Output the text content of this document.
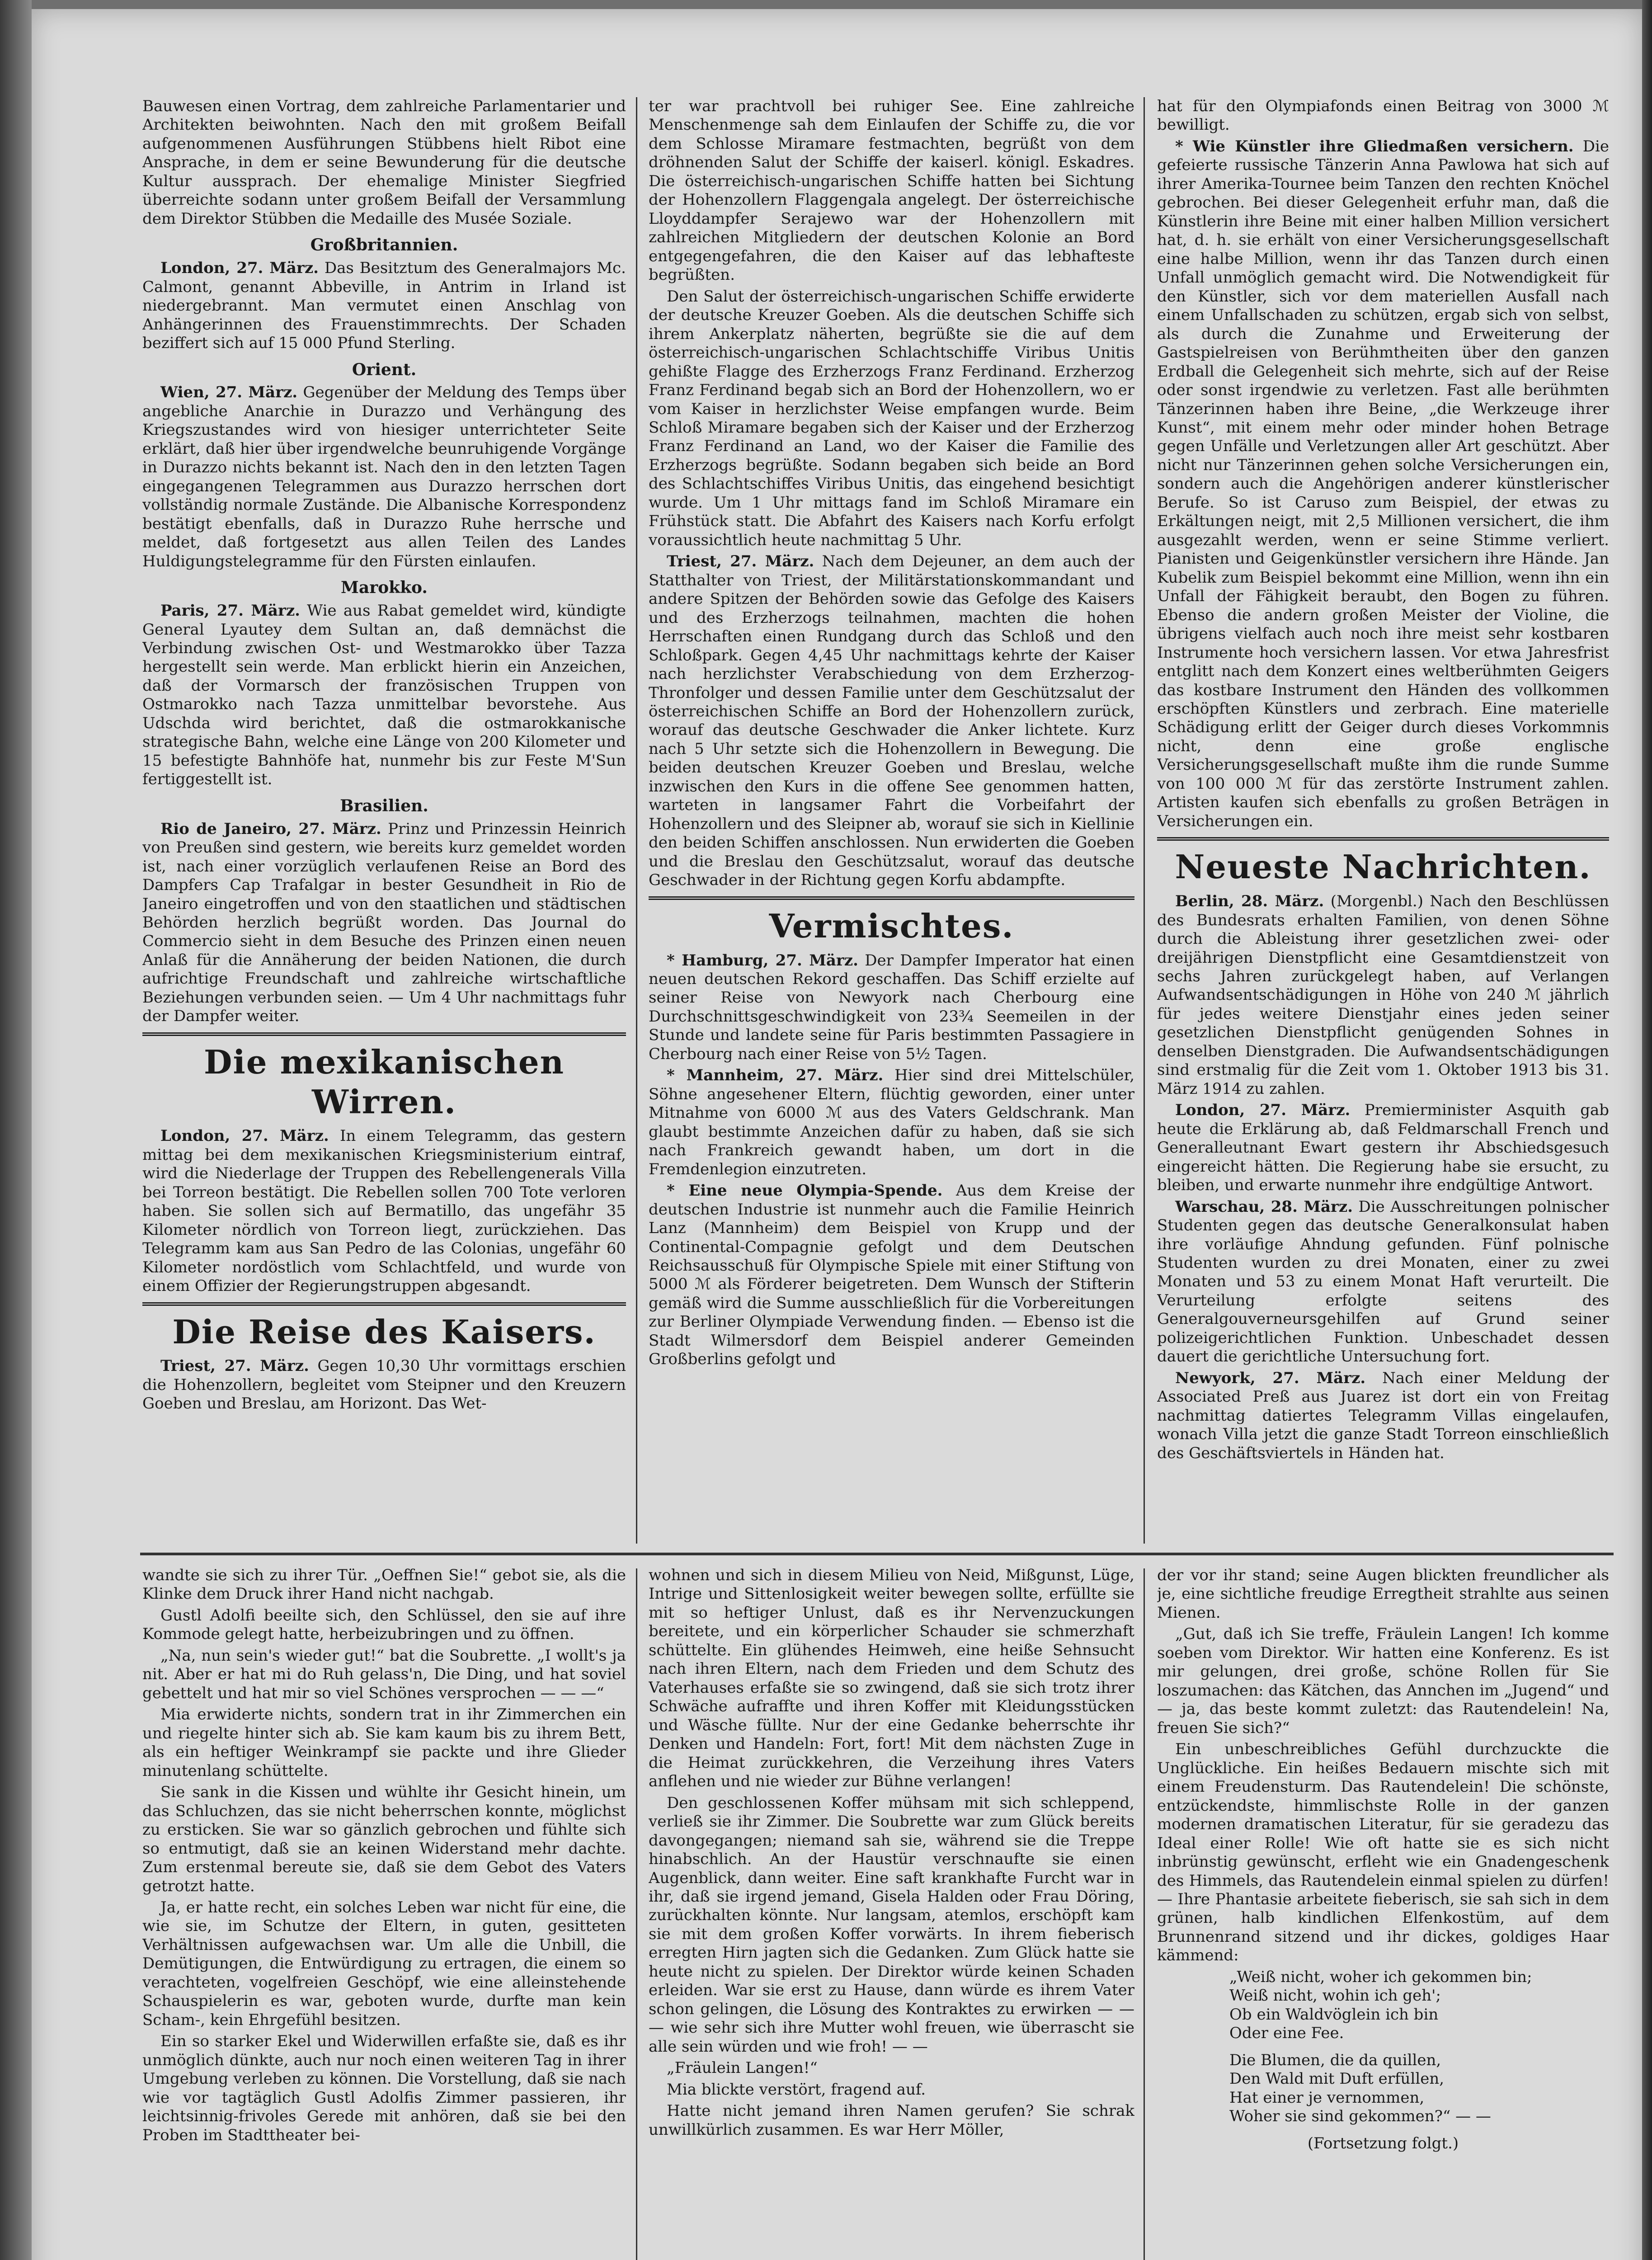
Bauwesen einen Vortrag, dem zahlreiche Parlamentarier und Architekten beiwohnten. Nach den mit großem Beifall aufgenommenen Ausführungen Stübbens hielt Ribot eine Ansprache, in dem er seine Bewunderung für die deutsche Kultur aussprach. Der ehemalige Minister Siegfried überreichte sodann unter großem Beifall der Versammlung dem Direktor Stübben die Medaille des Musée Soziale.

Großbritannien.

London, 27. März. Das Besitztum des Generalmajors Mc. Calmont, genannt Abbeville, in Antrim in Irland ist niedergebrannt. Man vermutet einen Anschlag von Anhängerinnen des Frauenstimmrechts. Der Schaden beziffert sich auf 15 000 Pfund Sterling.

Orient.

Wien, 27. März. Gegenüber der Meldung des Temps über angebliche Anarchie in Durazzo und Verhängung des Kriegszustandes wird von hiesiger unterrichteter Seite erklärt, daß hier über irgendwelche beunruhigende Vorgänge in Durazzo nichts bekannt ist. Nach den in den letzten Tagen eingegangenen Telegrammen aus Durazzo herrschen dort vollständig normale Zustände. Die Albanische Korrespondenz bestätigt ebenfalls, daß in Durazzo Ruhe herrsche und meldet, daß fortgesetzt aus allen Teilen des Landes Huldigungstelegramme für den Fürsten einlaufen.

Marokko.

Paris, 27. März. Wie aus Rabat gemeldet wird, kündigte General Lyautey dem Sultan an, daß demnächst die Verbindung zwischen Ost- und Westmarokko über Tazza hergestellt sein werde. Man erblickt hierin ein Anzeichen, daß der Vormarsch der französischen Truppen von Ostmarokko nach Tazza unmittelbar bevorstehe. Aus Udschda wird berichtet, daß die ostmarokkanische strategische Bahn, welche eine Länge von 200 Kilometer und 15 befestigte Bahnhöfe hat, nunmehr bis zur Feste M'Sun fertiggestellt ist.

Brasilien.

Rio de Janeiro, 27. März. Prinz und Prinzessin Heinrich von Preußen sind gestern, wie bereits kurz gemeldet worden ist, nach einer vorzüglich verlaufenen Reise an Bord des Dampfers Cap Trafalgar in bester Gesundheit in Rio de Janeiro eingetroffen und von den staatlichen und städtischen Behörden herzlich begrüßt worden. Das Journal do Commercio sieht in dem Besuche des Prinzen einen neuen Anlaß für die Annäherung der beiden Nationen, die durch aufrichtige Freundschaft und zahlreiche wirtschaftliche Beziehungen verbunden seien. — Um 4 Uhr nachmittags fuhr der Dampfer weiter.

Die mexikanischen Wirren.

London, 27. März. In einem Telegramm, das gestern mittag bei dem mexikanischen Kriegsministerium eintraf, wird die Niederlage der Truppen des Rebellengenerals Villa bei Torreon bestätigt. Die Rebellen sollen 700 Tote verloren haben. Sie sollen sich auf Bermatillo, das ungefähr 35 Kilometer nördlich von Torreon liegt, zurückziehen. Das Telegramm kam aus San Pedro de las Colonias, ungefähr 60 Kilometer nordöstlich vom Schlachtfeld, und wurde von einem Offizier der Regierungstruppen abgesandt.

Die Reise des Kaisers.

Triest, 27. März. Gegen 10,30 Uhr vormittags erschien die Hohenzollern, begleitet vom Steipner und den Kreuzern Goeben und Breslau, am Horizont. Das Wet-

ter war prachtvoll bei ruhiger See. Eine zahlreiche Menschenmenge sah dem Einlaufen der Schiffe zu, die vor dem Schlosse Miramare festmachten, begrüßt von dem dröhnenden Salut der Schiffe der kaiserl. königl. Eskadres. Die österreichisch-ungarischen Schiffe hatten bei Sichtung der Hohenzollern Flaggengala angelegt. Der österreichische Lloyddampfer Serajewo war der Hohenzollern mit zahlreichen Mitgliedern der deutschen Kolonie an Bord entgegengefahren, die den Kaiser auf das lebhafteste begrüßten.

Den Salut der österreichisch-ungarischen Schiffe erwiderte der deutsche Kreuzer Goeben. Als die deutschen Schiffe sich ihrem Ankerplatz näherten, begrüßte sie die auf dem österreichisch-ungarischen Schlachtschiffe Viribus Unitis gehißte Flagge des Erzherzogs Franz Ferdinand. Erzherzog Franz Ferdinand begab sich an Bord der Hohenzollern, wo er vom Kaiser in herzlichster Weise empfangen wurde. Beim Schloß Miramare begaben sich der Kaiser und der Erzherzog Franz Ferdinand an Land, wo der Kaiser die Familie des Erzherzogs begrüßte. Sodann begaben sich beide an Bord des Schlachtschiffes Viribus Unitis, das eingehend besichtigt wurde. Um 1 Uhr mittags fand im Schloß Miramare ein Frühstück statt. Die Abfahrt des Kaisers nach Korfu erfolgt voraussichtlich heute nachmittag 5 Uhr.

Triest, 27. März. Nach dem Dejeuner, an dem auch der Statthalter von Triest, der Militärstationskommandant und andere Spitzen der Behörden sowie das Gefolge des Kaisers und des Erzherzogs teilnahmen, machten die hohen Herrschaften einen Rundgang durch das Schloß und den Schloßpark. Gegen 4,45 Uhr nachmittags kehrte der Kaiser nach herzlichster Verabschiedung von dem Erzherzog-Thronfolger und dessen Familie unter dem Geschützsalut der österreichischen Schiffe an Bord der Hohenzollern zurück, worauf das deutsche Geschwader die Anker lichtete. Kurz nach 5 Uhr setzte sich die Hohenzollern in Bewegung. Die beiden deutschen Kreuzer Goeben und Breslau, welche inzwischen den Kurs in die offene See genommen hatten, warteten in langsamer Fahrt die Vorbeifahrt der Hohenzollern und des Sleipner ab, worauf sie sich in Kiellinie den beiden Schiffen anschlossen. Nun erwiderten die Goeben und die Breslau den Geschützsalut, worauf das deutsche Geschwader in der Richtung gegen Korfu abdampfte.

Vermischtes.

* Hamburg, 27. März. Der Dampfer Imperator hat einen neuen deutschen Rekord geschaffen. Das Schiff erzielte auf seiner Reise von Newyork nach Cherbourg eine Durchschnittsgeschwindigkeit von 23¾ Seemeilen in der Stunde und landete seine für Paris bestimmten Passagiere in Cherbourg nach einer Reise von 5½ Tagen.

* Mannheim, 27. März. Hier sind drei Mittelschüler, Söhne angesehener Eltern, flüchtig geworden, einer unter Mitnahme von 6000 ℳ aus des Vaters Geldschrank. Man glaubt bestimmte Anzeichen dafür zu haben, daß sie sich nach Frankreich gewandt haben, um dort in die Fremdenlegion einzutreten.

* Eine neue Olympia-Spende. Aus dem Kreise der deutschen Industrie ist nunmehr auch die Familie Heinrich Lanz (Mannheim) dem Beispiel von Krupp und der Continental-Compagnie gefolgt und dem Deutschen Reichsausschuß für Olympische Spiele mit einer Stiftung von 5000 ℳ als Förderer beigetreten. Dem Wunsch der Stifterin gemäß wird die Summe ausschließlich für die Vorbereitungen zur Berliner Olympiade Verwendung finden. — Ebenso ist die Stadt Wilmersdorf dem Beispiel anderer Gemeinden Großberlins gefolgt und

hat für den Olympiafonds einen Beitrag von 3000 ℳ bewilligt.

* Wie Künstler ihre Gliedmaßen versichern. Die gefeierte russische Tänzerin Anna Pawlowa hat sich auf ihrer Amerika-Tournee beim Tanzen den rechten Knöchel gebrochen. Bei dieser Gelegenheit erfuhr man, daß die Künstlerin ihre Beine mit einer halben Million versichert hat, d. h. sie erhält von einer Versicherungsgesellschaft eine halbe Million, wenn ihr das Tanzen durch einen Unfall unmöglich gemacht wird. Die Notwendigkeit für den Künstler, sich vor dem materiellen Ausfall nach einem Unfallschaden zu schützen, ergab sich von selbst, als durch die Zunahme und Erweiterung der Gastspielreisen von Berühmtheiten über den ganzen Erdball die Gelegenheit sich mehrte, sich auf der Reise oder sonst irgendwie zu verletzen. Fast alle berühmten Tänzerinnen haben ihre Beine, „die Werkzeuge ihrer Kunst“, mit einem mehr oder minder hohen Betrage gegen Unfälle und Verletzungen aller Art geschützt. Aber nicht nur Tänzerinnen gehen solche Versicherungen ein, sondern auch die Angehörigen anderer künstlerischer Berufe. So ist Caruso zum Beispiel, der etwas zu Erkältungen neigt, mit 2,5 Millionen versichert, die ihm ausgezahlt werden, wenn er seine Stimme verliert. Pianisten und Geigenkünstler versichern ihre Hände. Jan Kubelik zum Beispiel bekommt eine Million, wenn ihn ein Unfall der Fähigkeit beraubt, den Bogen zu führen. Ebenso die andern großen Meister der Violine, die übrigens vielfach auch noch ihre meist sehr kostbaren Instrumente hoch versichern lassen. Vor etwa Jahresfrist entglitt nach dem Konzert eines weltberühmten Geigers das kostbare Instrument den Händen des vollkommen erschöpften Künstlers und zerbrach. Eine materielle Schädigung erlitt der Geiger durch dieses Vorkommnis nicht, denn eine große englische Versicherungsgesellschaft mußte ihm die runde Summe von 100 000 ℳ für das zerstörte Instrument zahlen. Artisten kaufen sich ebenfalls zu großen Beträgen in Versicherungen ein.

Neueste Nachrichten.

Berlin, 28. März. (Morgenbl.) Nach den Beschlüssen des Bundesrats erhalten Familien, von denen Söhne durch die Ableistung ihrer gesetzlichen zwei- oder dreijährigen Dienstpflicht eine Gesamtdienstzeit von sechs Jahren zurückgelegt haben, auf Verlangen Aufwandsentschädigungen in Höhe von 240 ℳ jährlich für jedes weitere Dienstjahr eines jeden seiner gesetzlichen Dienstpflicht genügenden Sohnes in denselben Dienstgraden. Die Aufwandsentschädigungen sind erstmalig für die Zeit vom 1. Oktober 1913 bis 31. März 1914 zu zahlen.

London, 27. März. Premierminister Asquith gab heute die Erklärung ab, daß Feldmarschall French und Generalleutnant Ewart gestern ihr Abschiedsgesuch eingereicht hätten. Die Regierung habe sie ersucht, zu bleiben, und erwarte nunmehr ihre endgültige Antwort.

Warschau, 28. März. Die Ausschreitungen polnischer Studenten gegen das deutsche Generalkonsulat haben ihre vorläufige Ahndung gefunden. Fünf polnische Studenten wurden zu drei Monaten, einer zu zwei Monaten und 53 zu einem Monat Haft verurteilt. Die Verurteilung erfolgte seitens des Generalgouverneursgehilfen auf Grund seiner polizeigerichtlichen Funktion. Unbeschadet dessen dauert die gerichtliche Untersuchung fort.

Newyork, 27. März. Nach einer Meldung der Associated Preß aus Juarez ist dort ein von Freitag nachmittag datiertes Telegramm Villas eingelaufen, wonach Villa jetzt die ganze Stadt Torreon einschließlich des Geschäftsviertels in Händen hat.

wandte sie sich zu ihrer Tür. „Oeffnen Sie!“ gebot sie, als die Klinke dem Druck ihrer Hand nicht nachgab.

Gustl Adolfi beeilte sich, den Schlüssel, den sie auf ihre Kommode gelegt hatte, herbeizubringen und zu öffnen.

„Na, nun sein's wieder gut!“ bat die Soubrette. „I wollt's ja nit. Aber er hat mi do Ruh gelass'n, Die Ding, und hat soviel gebettelt und hat mir so viel Schönes versprochen — — —“

Mia erwiderte nichts, sondern trat in ihr Zimmerchen ein und riegelte hinter sich ab. Sie kam kaum bis zu ihrem Bett, als ein heftiger Weinkrampf sie packte und ihre Glieder minutenlang schüttelte.

Sie sank in die Kissen und wühlte ihr Gesicht hinein, um das Schluchzen, das sie nicht beherrschen konnte, möglichst zu ersticken. Sie war so gänzlich gebrochen und fühlte sich so entmutigt, daß sie an keinen Widerstand mehr dachte. Zum erstenmal bereute sie, daß sie dem Gebot des Vaters getrotzt hatte.

Ja, er hatte recht, ein solches Leben war nicht für eine, die wie sie, im Schutze der Eltern, in guten, gesitteten Verhältnissen aufgewachsen war. Um alle die Unbill, die Demütigungen, die Entwürdigung zu ertragen, die einem so verachteten, vogelfreien Geschöpf, wie eine alleinstehende Schauspielerin es war, geboten wurde, durfte man kein Scham-, kein Ehrgefühl besitzen.

Ein so starker Ekel und Widerwillen erfaßte sie, daß es ihr unmöglich dünkte, auch nur noch einen weiteren Tag in ihrer Umgebung verleben zu können. Die Vorstellung, daß sie nach wie vor tagtäglich Gustl Adolfis Zimmer passieren, ihr leichtsinnig-frivoles Gerede mit anhören, daß sie bei den Proben im Stadttheater bei-

wohnen und sich in diesem Milieu von Neid, Mißgunst, Lüge, Intrige und Sittenlosigkeit weiter bewegen sollte, erfüllte sie mit so heftiger Unlust, daß es ihr Nervenzuckungen bereitete, und ein körperlicher Schauder sie schmerzhaft schüttelte. Ein glühendes Heimweh, eine heiße Sehnsucht nach ihren Eltern, nach dem Frieden und dem Schutz des Vaterhauses erfaßte sie so zwingend, daß sie sich trotz ihrer Schwäche aufraffte und ihren Koffer mit Kleidungsstücken und Wäsche füllte. Nur der eine Gedanke beherrschte ihr Denken und Handeln: Fort, fort! Mit dem nächsten Zuge in die Heimat zurückkehren, die Verzeihung ihres Vaters anflehen und nie wieder zur Bühne verlangen!

Den geschlossenen Koffer mühsam mit sich schleppend, verließ sie ihr Zimmer. Die Soubrette war zum Glück bereits davongegangen; niemand sah sie, während sie die Treppe hinabschlich. An der Haustür verschnaufte sie einen Augenblick, dann weiter. Eine saft krankhafte Furcht war in ihr, daß sie irgend jemand, Gisela Halden oder Frau Döring, zurückhalten könnte. Nur langsam, atemlos, erschöpft kam sie mit dem großen Koffer vorwärts. In ihrem fieberisch erregten Hirn jagten sich die Gedanken. Zum Glück hatte sie heute nicht zu spielen. Der Direktor würde keinen Schaden erleiden. War sie erst zu Hause, dann würde es ihrem Vater schon gelingen, die Lösung des Kontraktes zu erwirken — — — wie sehr sich ihre Mutter wohl freuen, wie überrascht sie alle sein würden und wie froh! — —

„Fräulein Langen!“

Mia blickte verstört, fragend auf.

Hatte nicht jemand ihren Namen gerufen? Sie schrak unwillkürlich zusammen. Es war Herr Möller,

der vor ihr stand; seine Augen blickten freundlicher als je, eine sichtliche freudige Erregtheit strahlte aus seinen Mienen.

„Gut, daß ich Sie treffe, Fräulein Langen! Ich komme soeben vom Direktor. Wir hatten eine Konferenz. Es ist mir gelungen, drei große, schöne Rollen für Sie loszumachen: das Kätchen, das Annchen im „Jugend“ und — ja, das beste kommt zuletzt: das Rautendelein! Na, freuen Sie sich?“

Ein unbeschreibliches Gefühl durchzuckte die Unglückliche. Ein heißes Bedauern mischte sich mit einem Freudensturm. Das Rautendelein! Die schönste, entzückendste, himmlischste Rolle in der ganzen modernen dramatischen Literatur, für sie geradezu das Ideal einer Rolle! Wie oft hatte sie es sich nicht inbrünstig gewünscht, erfleht wie ein Gnadengeschenk des Himmels, das Rautendelein einmal spielen zu dürfen! — Ihre Phantasie arbeitete fieberisch, sie sah sich in dem grünen, halb kindlichen Elfenkostüm, auf dem Brunnenrand sitzend und ihr dickes, goldiges Haar kämmend:

„Weiß nicht, woher ich gekommen bin;
Weiß nicht, wohin ich geh';
Ob ein Waldvöglein ich bin
Oder eine Fee.

Die Blumen, die da quillen,
Den Wald mit Duft erfüllen,
Hat einer je vernommen,
Woher sie sind gekommen?“ — —

(Fortsetzung folgt.)
